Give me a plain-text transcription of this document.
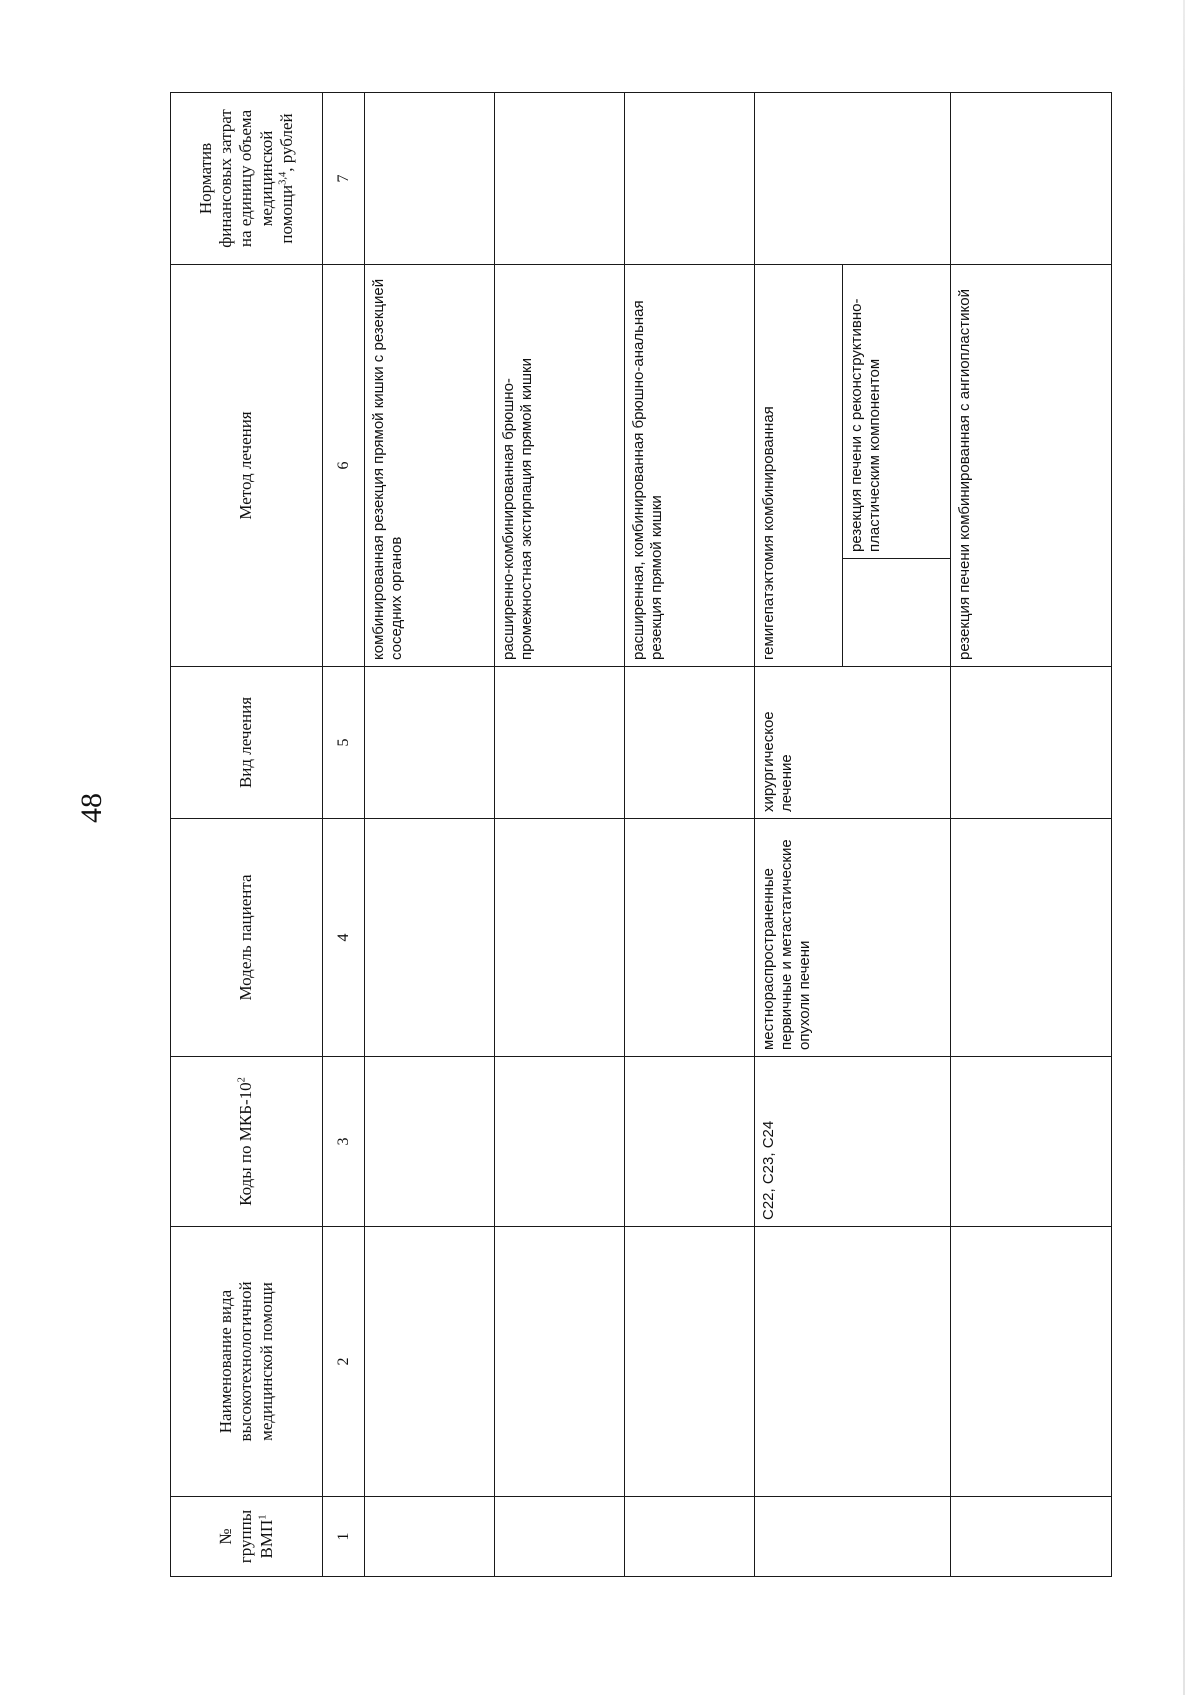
48
№ группы ВМП$^1$	Наименование вида высокотехнологичной медицинской помощи	Коды по МКБ-$10^2$	Модель пациента	Вид лечения	Метод лечения		Норматив финансовых затрат на единицу объема медицинской помощи$^{3,4}$, рублей
1	2	3	4	5	6		7
					комбинированная резекция прямой кишки с резекцией соседних органов		
					расширенно-комбинированная брюшно-промежностная экстирпация прямой кишки		
					расширенная, комбинированная брюшно-анальная резекция прямой кишки		
		C22, C23, C24	местнораспространенные первичные и метастатические опухоли печени	хирургическое лечение	гемигепатэктомия комбинированная		
						резекция печени с реконструктивно-пластическим компонентом	
					резекция печени комбинированная с ангиопластикой		
